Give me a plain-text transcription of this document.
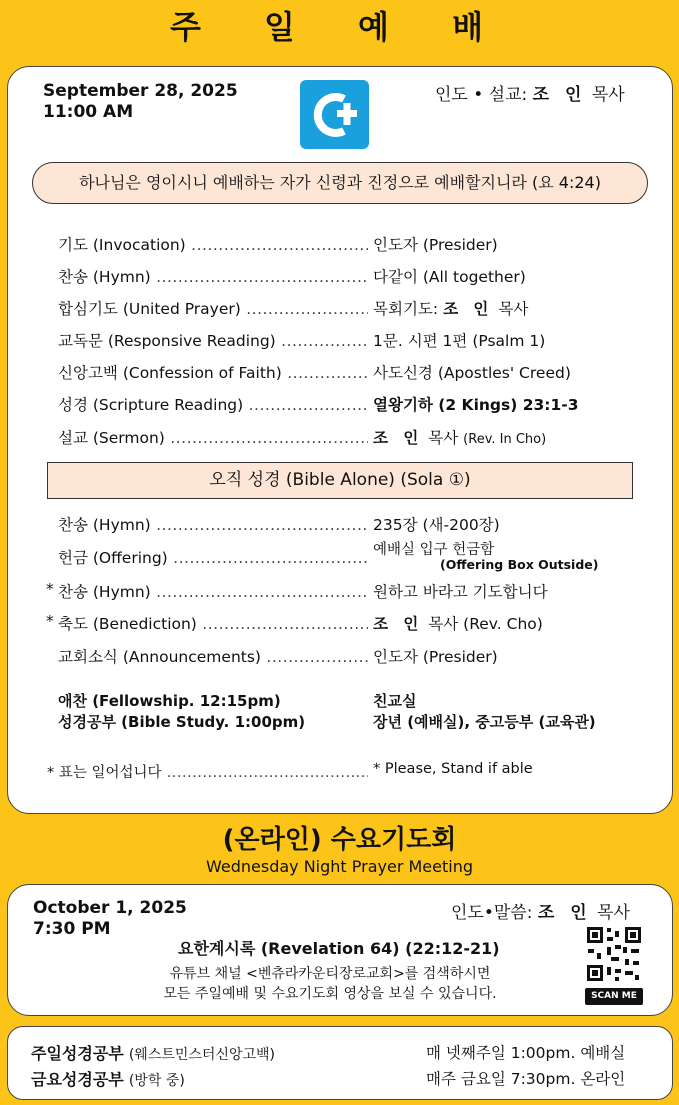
주 일 예 배
September 28, 2025
11:00 AM
인도 • 설교: 조 인 목사
하나님은 영이시니 예배하는 자가 신령과 진정으로 예배할지니라 (요 4:24)
기도 (Invocation) .....	인도자 (Presider)
찬송 (Hymn) .....	다같이 (All together)
합심기도 (United Prayer) .....	목회기도: 조 인 목사
교독문 (Responsive Reading) .....	1문. 시편 1편 (Psalm 1)
신앙고백 (Confession of Faith) .....	사도신경 (Apostles' Creed)
성경 (Scripture Reading) .....	열왕기하 (2 Kings) 23:1-3
설교 (Sermon) .....	조 인 목사 (Rev. In Cho)
오직 성경 (Bible Alone) (Sola ①)
찬송 (Hymn) .....	235장 (새-200장)
헌금 (Offering) .....	예배실 입구 헌금함
(Offering Box Outside)
* 찬송 (Hymn) .....	원하고 바라고 기도합니다
* 축도 (Benediction) .....	조 인 목사 (Rev. Cho)
교회소식 (Announcements) .....	인도자 (Presider)
애찬 (Fellowship. 12:15pm)	친교실
성경공부 (Bible Study. 1:00pm)	장년 (예배실), 중고등부 (교육관)
* 표는 일어섭니다 .....	* Please, Stand if able
(온라인) 수요기도회
Wednesday Night Prayer Meeting
October 1, 2025
7:30 PM
인도•말씀: 조 인 목사
요한계시록 (Revelation 64) (22:12-21)
유튜브 채널 <벤츄라카운티장로교회>를 검색하시면
모든 주일예배 및 수요기도회 영상을 보실 수 있습니다.	SCAN ME
주일성경공부 (웨스트민스터신앙고백)	매 넷째주일 1:00pm. 예배실
금요성경공부 (방학 중)	매주 금요일 7:30pm. 온라인
